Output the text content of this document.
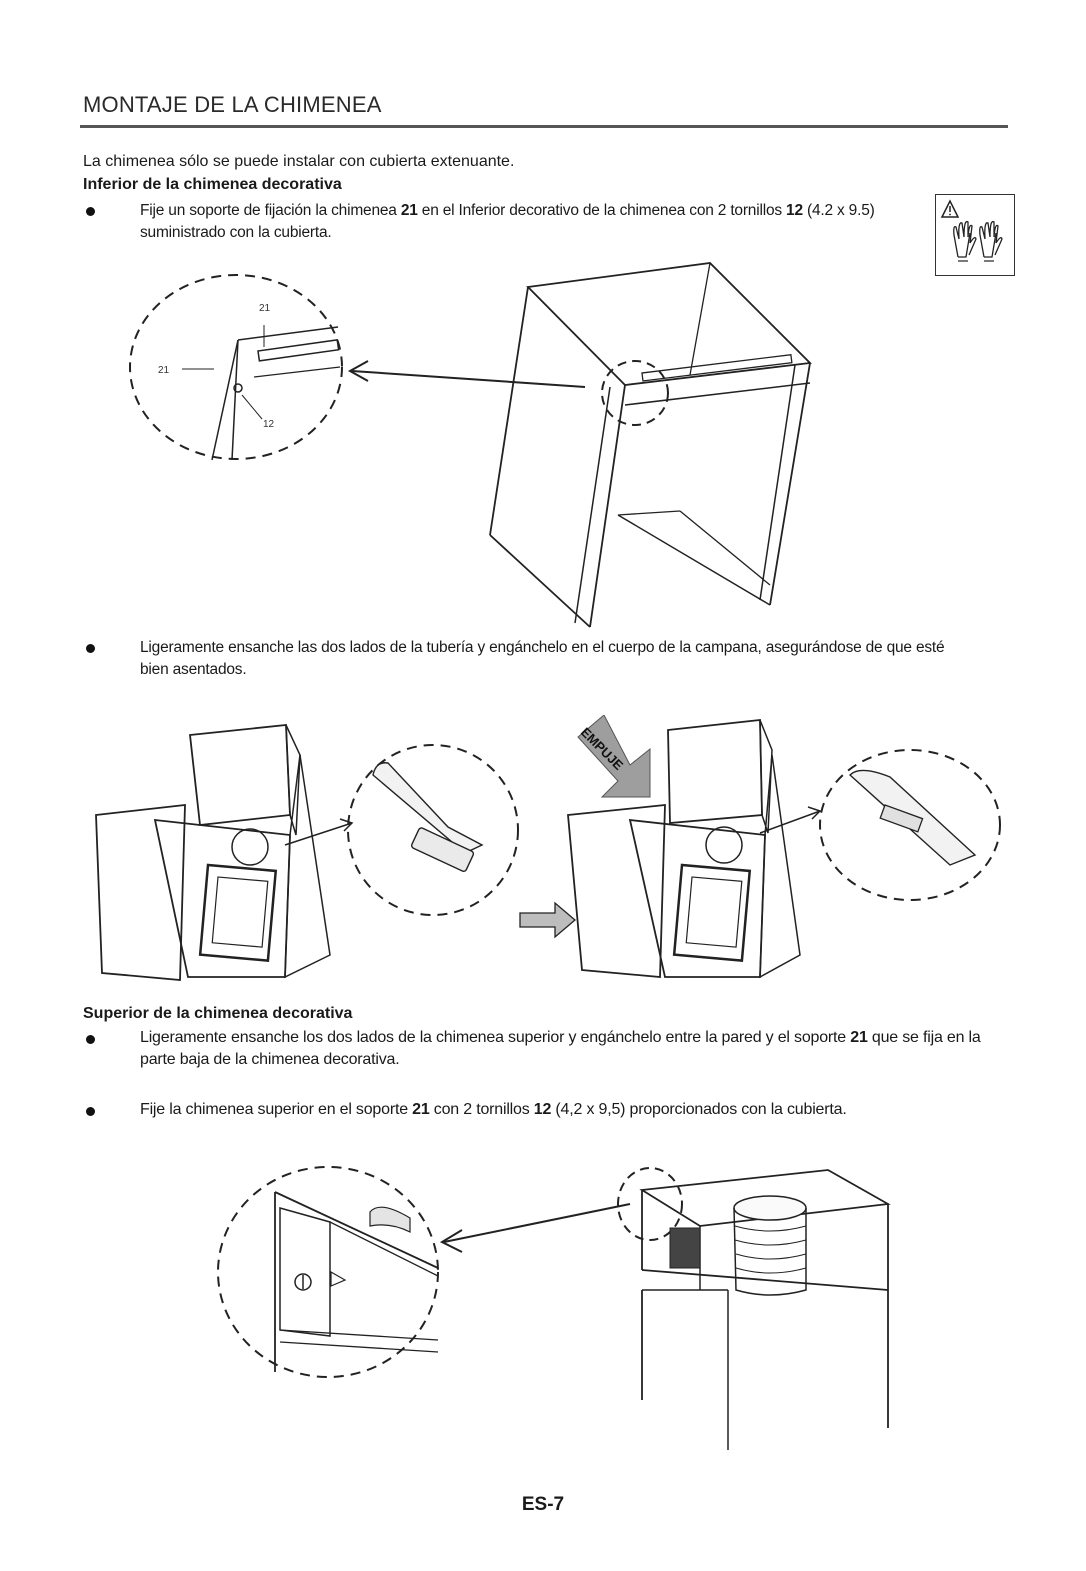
MONTAJE DE LA CHIMENEA
La chimenea sólo se puede instalar con cubierta extenuante.
Inferior de la chimenea decorativa
Fije un soporte de fijación la chimenea 21 en el Inferior decorativo de la chimenea con 2 tornillos 12 (4.2 x 9.5) suministrado con la cubierta.
21
21
12
Ligeramente ensanche las dos lados de la tubería y engánchelo en el cuerpo de la campana, asegurándose de que esté bien asentados.
EMPUJE
Superior de la chimenea decorativa
Ligeramente ensanche los dos lados de la chimenea superior y engánchelo entre la pared y el soporte 21 que se fija en la parte baja de la chimenea decorativa.
Fije la chimenea superior en el soporte 21 con 2 tornillos 12 (4,2 x 9,5) proporcionados con la cubierta.
ES-7
